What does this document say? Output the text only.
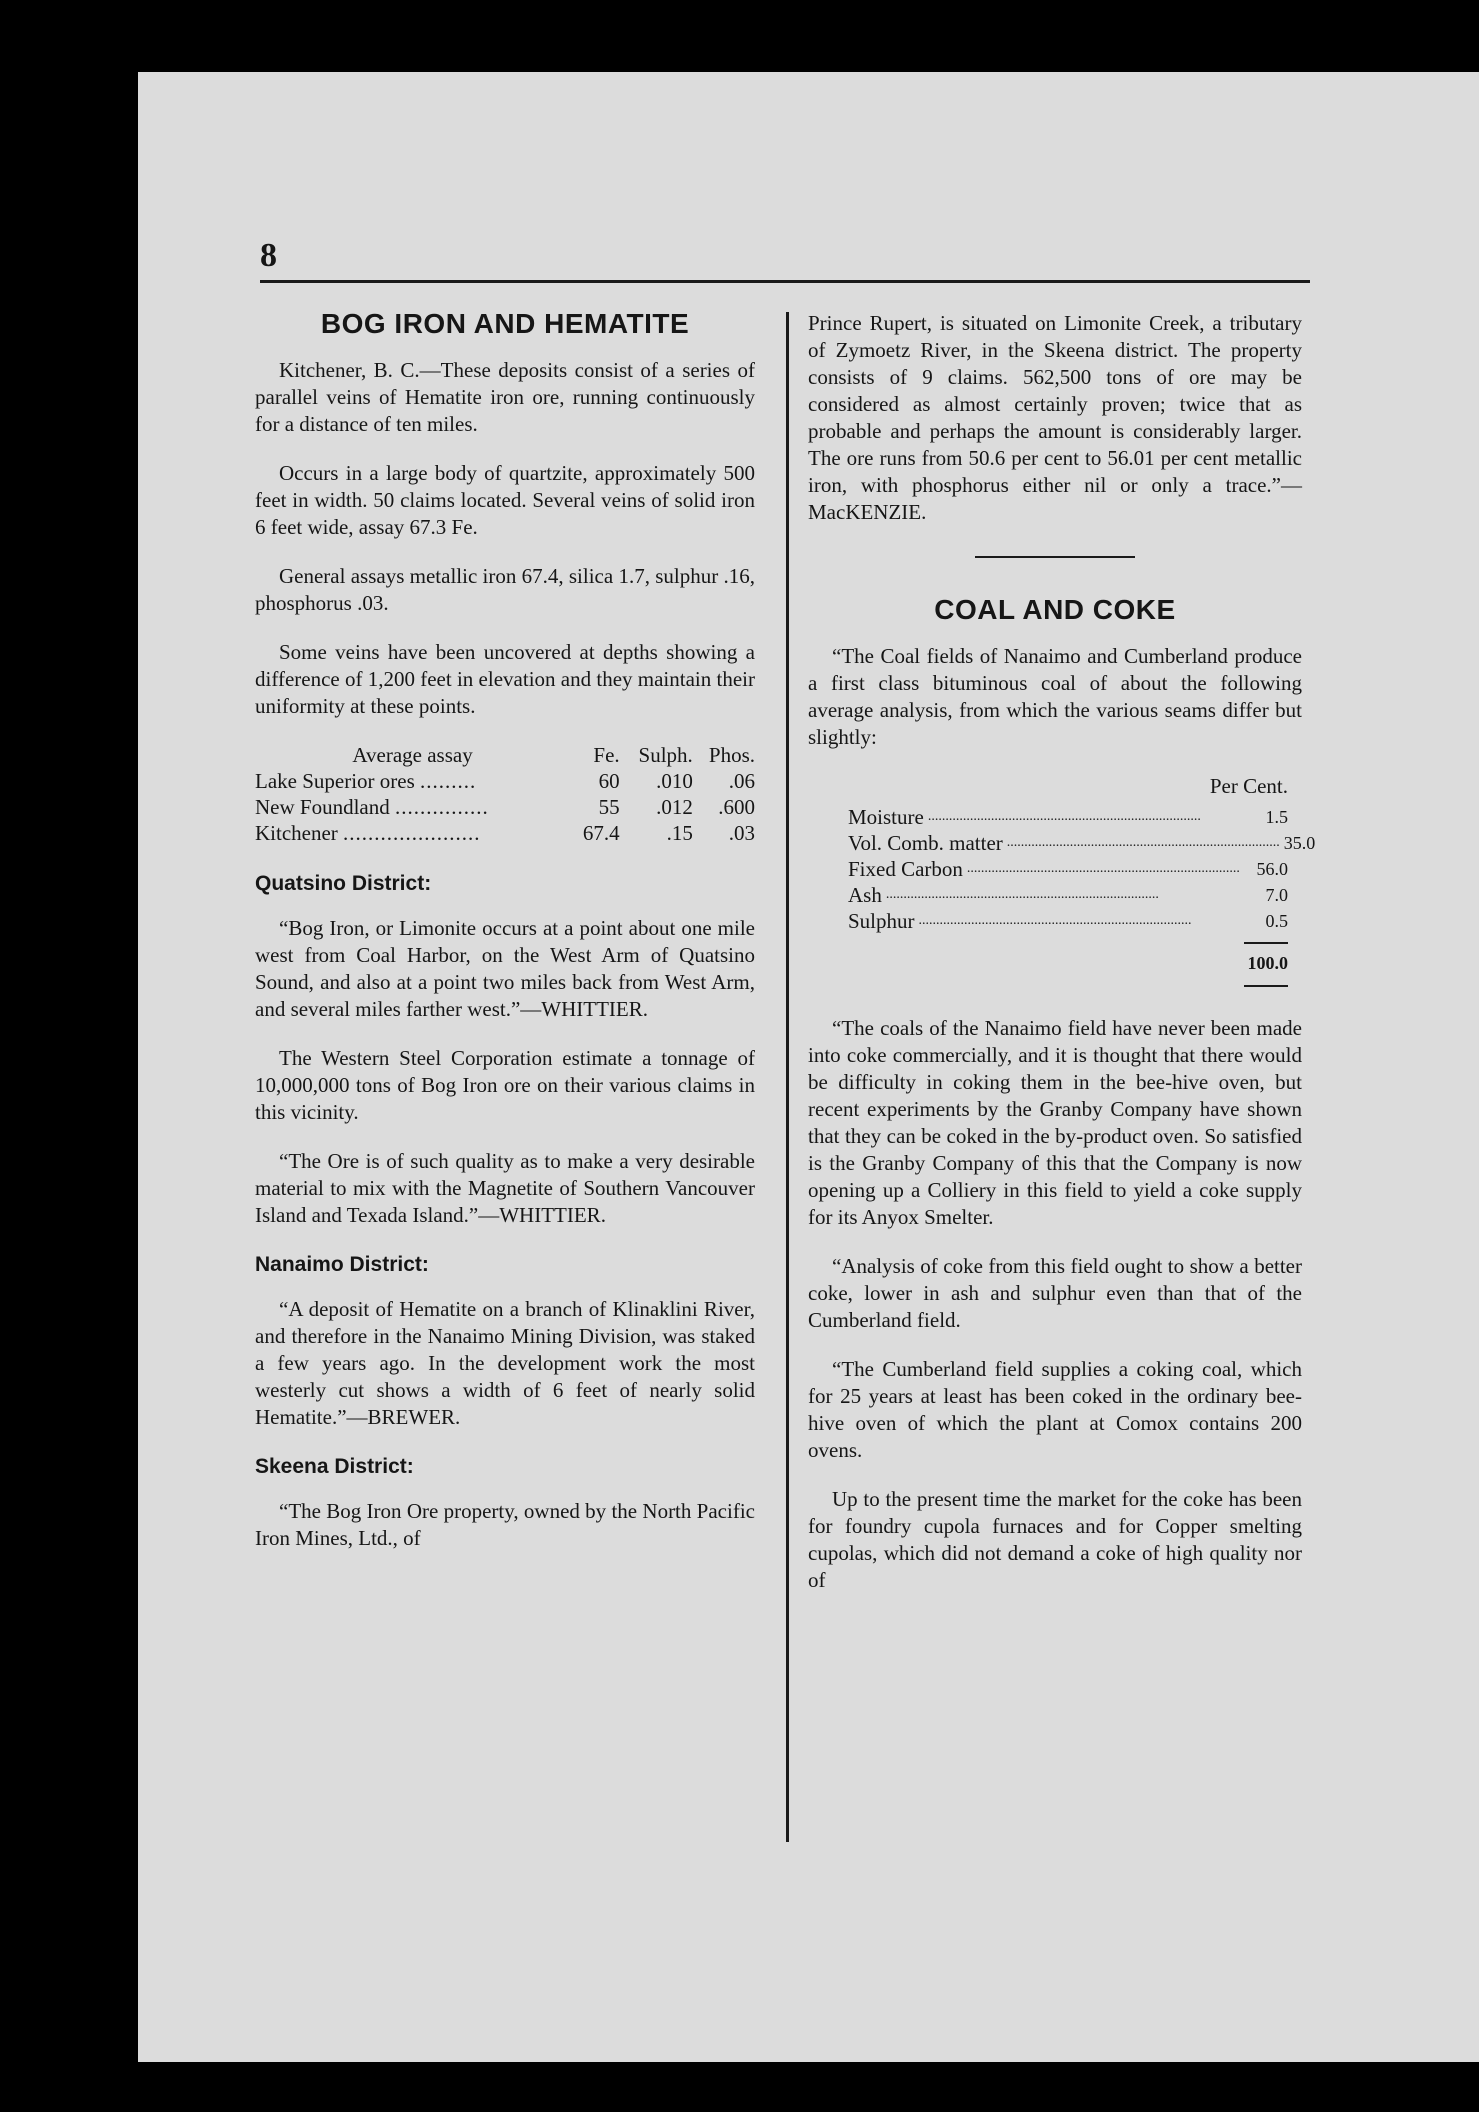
8
BOG IRON AND HEMATITE

Kitchener, B. C.—These deposits consist of a series of parallel veins of Hematite iron ore, running continuously for a distance of ten miles.

Occurs in a large body of quartzite, approximately 500 feet in width. 50 claims located. Several veins of solid iron 6 feet wide, assay 67.3 Fe.

General assays metallic iron 67.4, silica 1.7, sulphur .16, phosphorus .03.

Some veins have been uncovered at depths showing a difference of 1,200 feet in elevation and they maintain their uniformity at these points.

Average assay	Fe.	Sulph.	Phos.
Lake Superior ores .........	60	.010	.06
New Foundland ...............	55	.012	.600
Kitchener ......................	67.4	.15	.03
Quatsino District:

“Bog Iron, or Limonite occurs at a point about one mile west from Coal Harbor, on the West Arm of Quatsino Sound, and also at a point two miles back from West Arm, and several miles farther west.”—WHITTIER.

The Western Steel Corporation estimate a tonnage of 10,000,000 tons of Bog Iron ore on their various claims in this vicinity.

“The Ore is of such quality as to make a very desirable material to mix with the Magnetite of Southern Vancouver Island and Texada Island.”—WHITTIER.

Nanaimo District:

“A deposit of Hematite on a branch of Klinaklini River, and therefore in the Nanaimo Mining Division, was staked a few years ago. In the development work the most westerly cut shows a width of 6 feet of nearly solid Hematite.”—BREWER.

Skeena District:

“The Bog Iron Ore property, owned by the North Pacific Iron Mines, Ltd., of

Prince Rupert, is situated on Limonite Creek, a tributary of Zymoetz River, in the Skeena district. The property consists of 9 claims. 562,500 tons of ore may be considered as almost certainly proven; twice that as probable and perhaps the amount is considerably larger. The ore runs from 50.6 per cent to 56.01 per cent metallic iron, with phosphorus either nil or only a trace.”—MacKENZIE.

COAL AND COKE

“The Coal fields of Nanaimo and Cumberland produce a first class bituminous coal of about the following average analysis, from which the various seams differ but slightly:

Per Cent.
Moisture ..............................................................................	1.5
Vol. Comb. matter .............................................................................. 35.0
Fixed Carbon .............................................................................. 56.0
Ash ..............................................................................	7.0
Sulphur ..............................................................................	0.5
100.0

“The coals of the Nanaimo field have never been made into coke commercially, and it is thought that there would be difficulty in coking them in the bee-hive oven, but recent experiments by the Granby Company have shown that they can be coked in the by-product oven. So satisfied is the Granby Company of this that the Company is now opening up a Colliery in this field to yield a coke supply for its Anyox Smelter.

“Analysis of coke from this field ought to show a better coke, lower in ash and sulphur even than that of the Cumberland field.

“The Cumberland field supplies a coking coal, which for 25 years at least has been coked in the ordinary bee-hive oven of which the plant at Comox contains 200 ovens.

Up to the present time the market for the coke has been for foundry cupola furnaces and for Copper smelting cupolas, which did not demand a coke of high quality nor of
